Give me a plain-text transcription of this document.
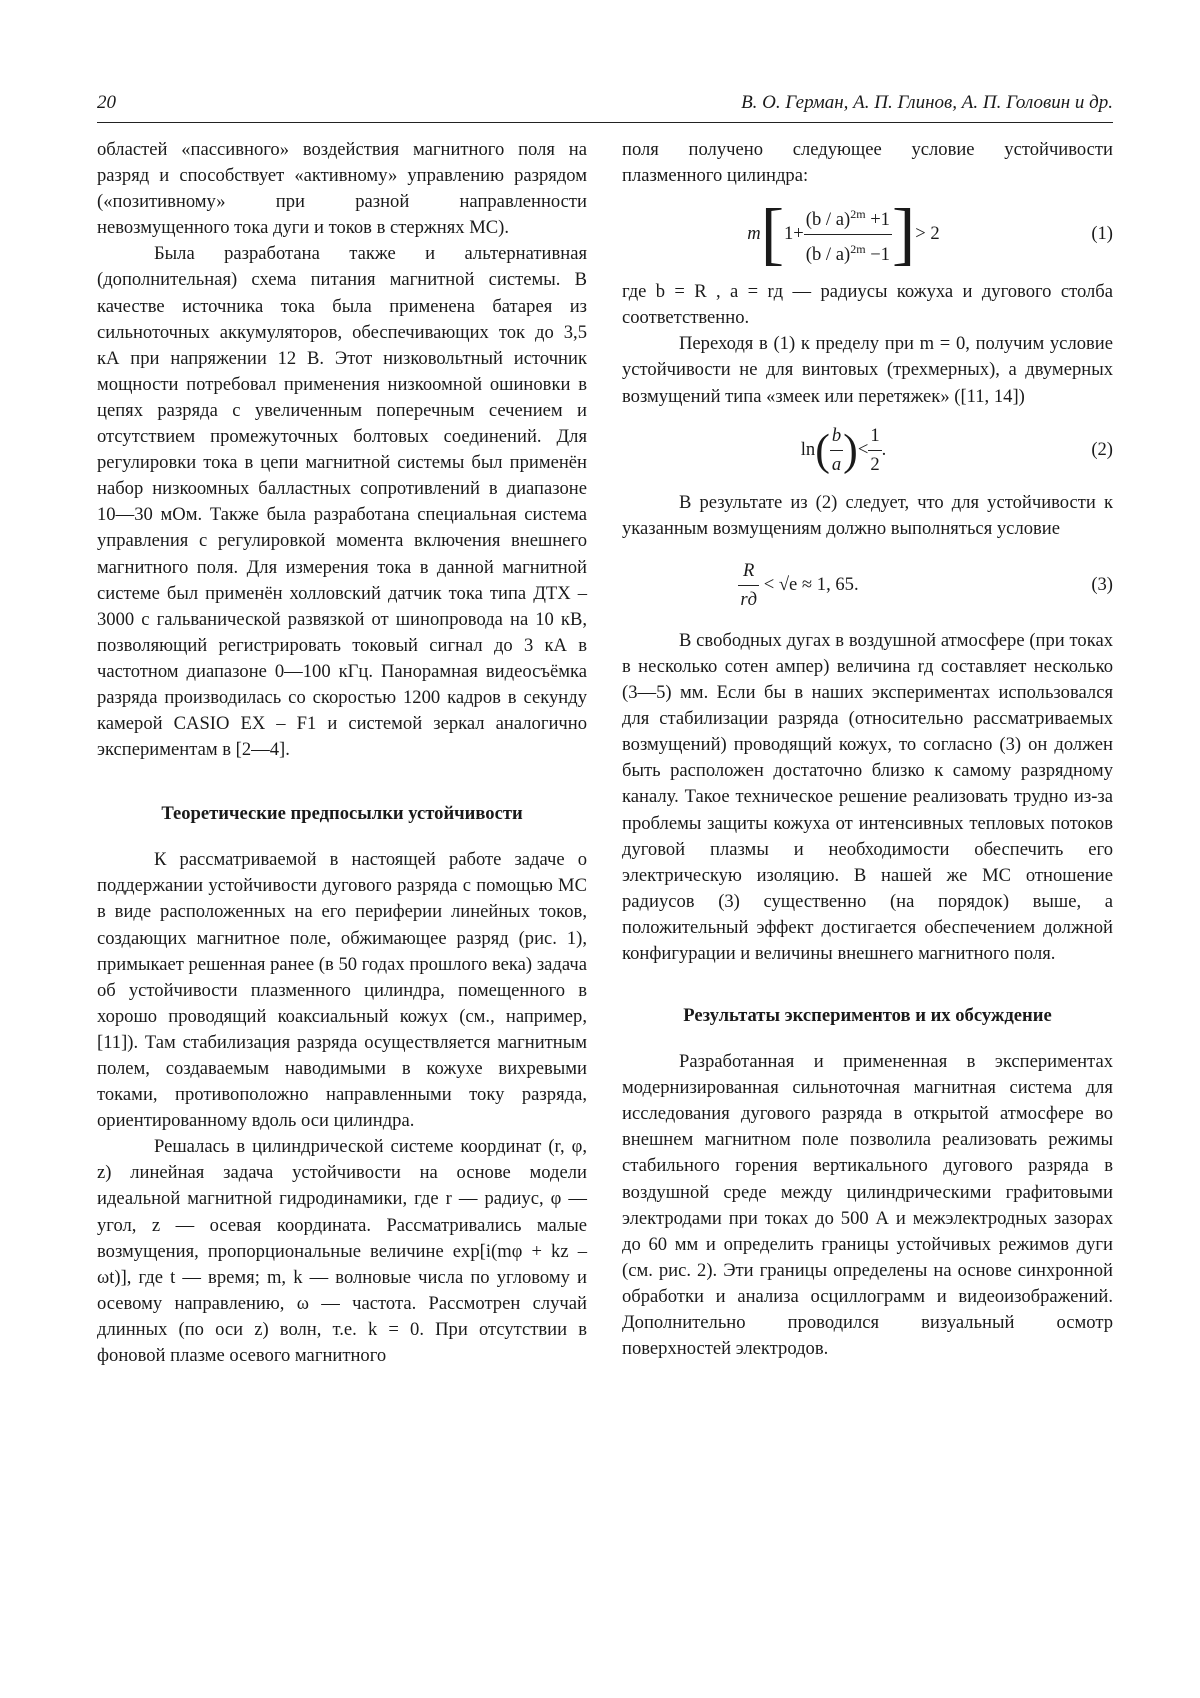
20	В. О. Герман, А. П. Глинов, А. П. Головин и др.

областей «пассивного» воздействия магнитного поля на разряд и способствует «активному» управлению разрядом («позитивному» при разной направленности невозмущенного тока дуги и токов в стержнях МС).

Была разработана также и альтернативная (дополнительная) схема питания магнитной системы. В качестве источника тока была применена батарея из сильноточных аккумуляторов, обеспечивающих ток до 3,5 кА при напряжении 12 В. Этот низковольтный источник мощности потребовал применения низкоомной ошиновки в цепях разряда с увеличенным поперечным сечением и отсутствием промежуточных болтовых соединений. Для регулировки тока в цепи магнитной системы был применён набор низкоомных балластных сопротивлений в диапазоне 10—30 мОм. Также была разработана специальная система управления с регулировкой момента включения внешнего магнитного поля. Для измерения тока в данной магнитной системе был применён холловский датчик тока типа ДТХ – 3000 с гальванической развязкой от шинопровода на 10 кВ, позволяющий регистрировать токовый сигнал до 3 кА в частотном диапазоне 0—100 кГц. Панорамная видеосъёмка разряда производилась со скоростью 1200 кадров в секунду камерой CASIO EX – F1 и системой зеркал аналогично экспериментам в [2—4].

Теоретические предпосылки устойчивости

К рассматриваемой в настоящей работе задаче о поддержании устойчивости дугового разряда с помощью МС в виде расположенных на его периферии линейных токов, создающих магнитное поле, обжимающее разряд (рис. 1), примыкает решенная ранее (в 50 годах прошлого века) задача об устойчивости плазменного цилиндра, помещенного в хорошо проводящий коаксиальный кожух (см., например, [11]). Там стабилизация разряда осуществляется магнитным полем, создаваемым наводимыми в кожухе вихревыми токами, противоположно направленными току разряда, ориентированному вдоль оси цилиндра.

Решалась в цилиндрической системе координат (r, φ, z) линейная задача устойчивости на основе модели идеальной магнитной гидродинамики, где r — радиус, φ — угол, z — осевая координата. Рассматривались малые возмущения, пропорциональные величине exp[i(mφ + kz – ωt)], где t — время; m, k — волновые числа по угловому и осевому направлению, ω — частота. Рассмотрен случай длинных (по оси z) волн, т.е. k = 0. При отсутствии в фоновой плазме осевого магнитного

поля получено следующее условие устойчивости плазменного цилиндра:

$m[1+ \frac{(b / a)^{2m} +1}{(b / a)^{2m} -1}$ ]> 2	(1)

где b = R , a = rд — радиусы кожуха и дугового столба соответственно.

Переходя в (1) к пределу при m = 0, получим условие устойчивости не для винтовых (трехмерных), а двумерных возмущений типа «змеек или перетяжек» ([11, 14])

$\ln( \frac{b}{a}$ )< $\frac{1}{2}$ .	(2)

В результате из (2) следует, что для устойчивости к указанным возмущениям должно выполняться условие

$\frac{R}{rд} < √e \approx 1$, 65.	(3)

В свободных дугах в воздушной атмосфере (при токах в несколько сотен ампер) величина rд составляет несколько (3—5) мм. Если бы в наших экспериментах использовался для стабилизации разряда (относительно рассматриваемых возмущений) проводящий кожух, то согласно (3) он должен быть расположен достаточно близко к самому разрядному каналу. Такое техническое решение реализовать трудно из-за проблемы защиты кожуха от интенсивных тепловых потоков дуговой плазмы и необходимости обеспечить его электрическую изоляцию. В нашей же МС отношение радиусов (3) существенно (на порядок) выше, а положительный эффект достигается обеспечением должной конфигурации и величины внешнего магнитного поля.

Результаты экспериментов и их обсуждение

Разработанная и примененная в экспериментах модернизированная сильноточная магнитная система для исследования дугового разряда в открытой атмосфере во внешнем магнитном поле позволила реализовать режимы стабильного горения вертикального дугового разряда в воздушной среде между цилиндрическими графитовыми электродами при токах до 500 А и межэлектродных зазорах до 60 мм и определить границы устойчивых режимов дуги (см. рис. 2). Эти границы определены на основе синхронной обработки и анализа осциллограмм и видеоизображений. Дополнительно проводился визуальный осмотр поверхностей электродов.
